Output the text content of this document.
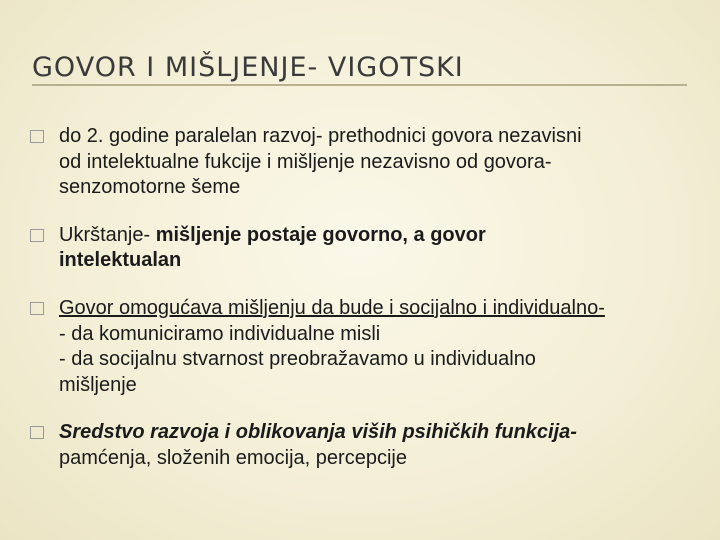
GOVOR I MIŠLJENJE- VIGOTSKI
do 2. godine paralelan razvoj- prethodnici govora nezavisni
od intelektualne fukcije i mišljenje nezavisno od govora-
senzomotorne šeme
Ukrštanje- mišljenje postaje govorno, a govor
intelektualan
Govor omogućava mišljenju da bude i socijalno i individualno-
- da komuniciramo individualne misli
- da socijalnu stvarnost preobražavamo u individualno
mišljenje
Sredstvo razvoja i oblikovanja viših psihičkih funkcija-
pamćenja, složenih emocija, percepcije
